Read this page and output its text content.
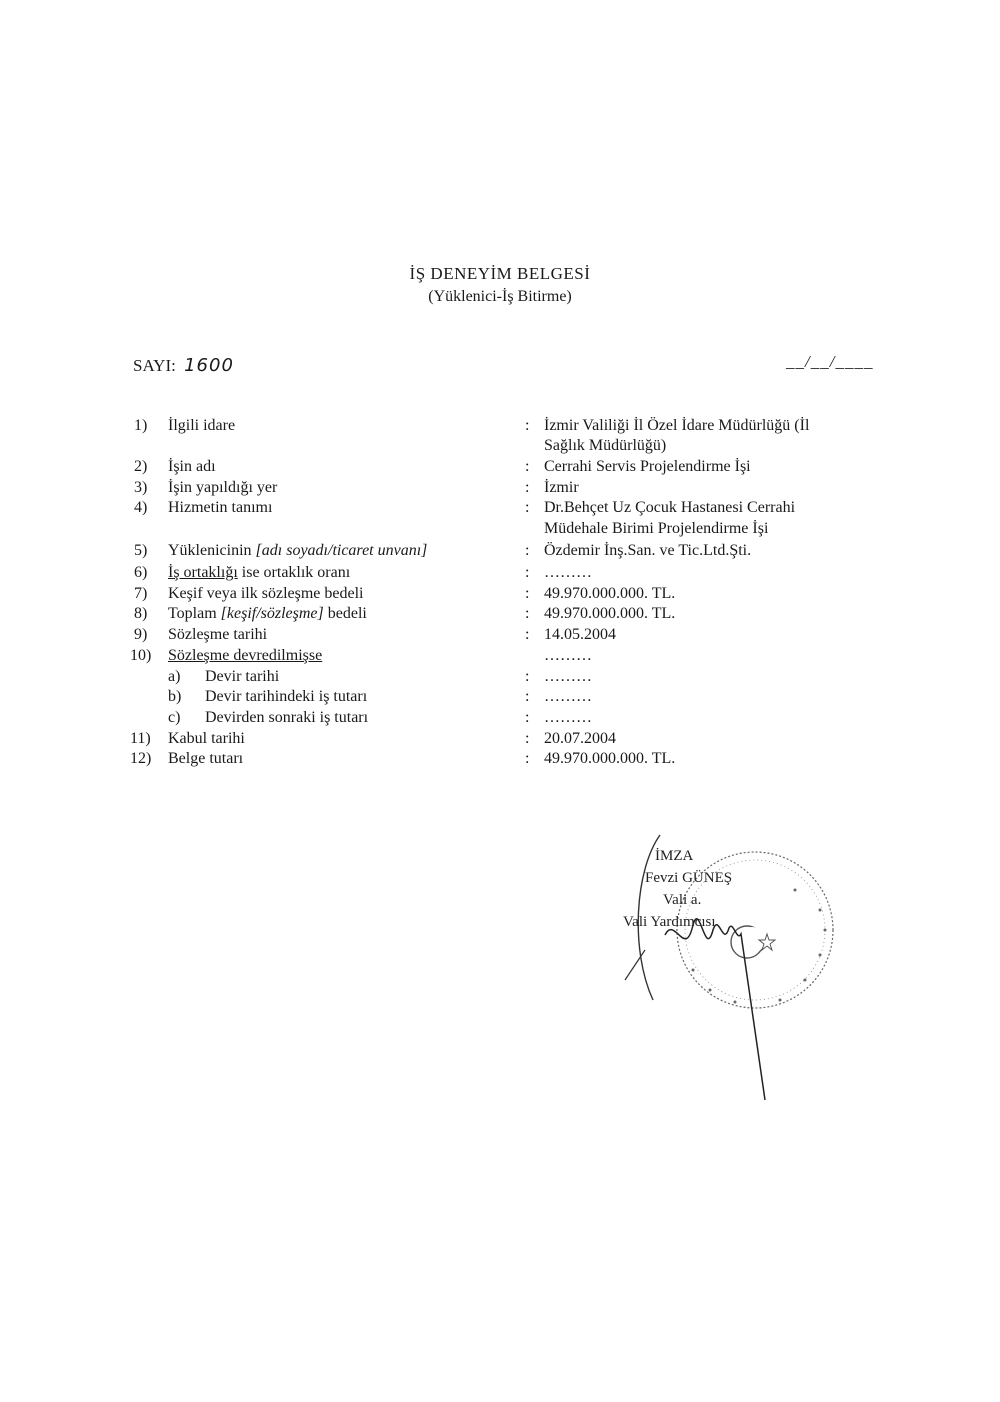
İŞ DENEYİM BELGESİ
(Yüklenici-İş Bitirme)
SAYI: 1600	__/__/____
1)	İlgili idare	: İzmir Valiliği İl Özel İdare Müdürlüğü (İl
Sağlık Müdürlüğü)
2)	İşin adı	: Cerrahi Servis Projelendirme İşi
3)	İşin yapıldığı yer	: İzmir
4)	Hizmetin tanımı	: Dr.Behçet Uz Çocuk Hastanesi Cerrahi
Müdehale Birimi Projelendirme İşi
5)	Yüklenicinin [adı soyadı/ticaret unvanı]	: Özdemir İnş.San. ve Tic.Ltd.Şti.
6)	İş ortaklığı ise ortaklık oranı	: ………
7)	Keşif veya ilk sözleşme bedeli	: 49.970.000.000. TL.
8)	Toplam [keşif/sözleşme] bedeli	: 49.970.000.000. TL.
9)	Sözleşme tarihi	: 14.05.2004
10)	Sözleşme devredilmişse	………
a) Devir tarihi	: ………
b) Devir tarihindeki iş tutarı	: ………
c) Devirden sonraki iş tutarı	: ………
11)	Kabul tarihi	: 20.07.2004
12)	Belge tutarı	: 49.970.000.000. TL.
İMZA
Fevzi GÜNEŞ
Vali a.
Vali Yardımcısı
